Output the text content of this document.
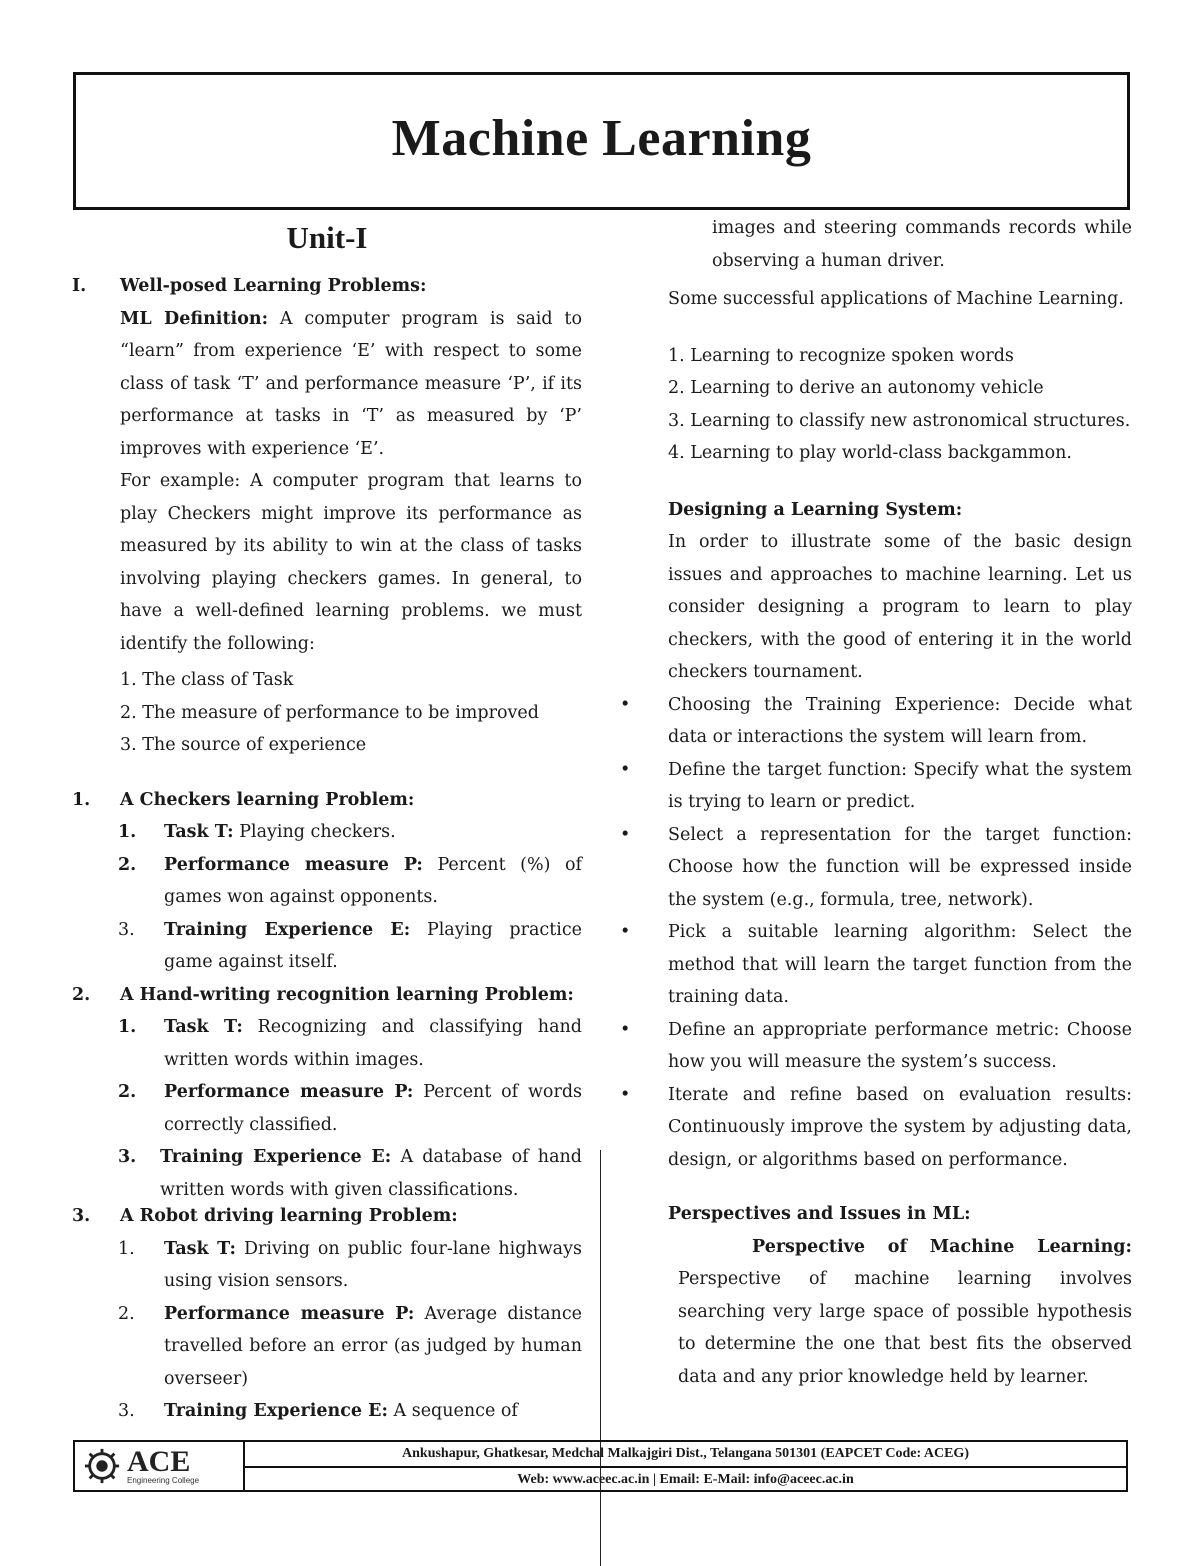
Machine Learning
Unit-I
I. Well-posed Learning Problems:
ML Definition: A computer program is said to “learn” from experience ‘E’ with respect to some class of task ‘T’ and performance measure ‘P’, if its performance at tasks in ‘T’ as measured by ‘P’ improves with experience ‘E’.
For example: A computer program that learns to play Checkers might improve its performance as measured by its ability to win at the class of tasks involving playing checkers games. In general, to have a well-defined learning problems. we must identify the following:
1. The class of Task
2. The measure of performance to be improved
3. The source of experience
1. A Checkers learning Problem:
1. Task T: Playing checkers.
2. Performance measure P: Percent (%) of games won against opponents.
3. Training Experience E: Playing practice game against itself.
2. A Hand-writing recognition learning Problem:
1. Task T: Recognizing and classifying hand written words within images.
2. Performance measure P: Percent of words correctly classified.
3. Training Experience E: A database of hand written words with given classifications.
3. A Robot driving learning Problem:
1. Task T: Driving on public four-lane highways using vision sensors.
2. Performance measure P: Average distance travelled before an error (as judged by human overseer)
3. Training Experience E: A sequence of
images and steering commands records while observing a human driver.
Some successful applications of Machine Learning.
1. Learning to recognize spoken words
2. Learning to derive an autonomy vehicle
3. Learning to classify new astronomical structures.
4. Learning to play world-class backgammon.
Designing a Learning System:
In order to illustrate some of the basic design issues and approaches to machine learning. Let us consider designing a program to learn to play checkers, with the good of entering it in the world checkers tournament.
• Choosing the Training Experience: Decide what data or interactions the system will learn from.
• Define the target function: Specify what the system is trying to learn or predict.
• Select a representation for the target function: Choose how the function will be expressed inside the system (e.g., formula, tree, network).
• Pick a suitable learning algorithm: Select the method that will learn the target function from the training data.
• Define an appropriate performance metric: Choose how you will measure the system’s success.
• Iterate and refine based on evaluation results: Continuously improve the system by adjusting data, design, or algorithms based on performance.
Perspectives and Issues in ML:
Perspective of Machine Learning:
Perspective of machine learning involves searching very large space of possible hypothesis to determine the one that best fits the observed data and any prior knowledge held by learner.
ACE
Engineering College
Ankushapur, Ghatkesar, Medchal Malkajgiri Dist., Telangana 501301 (EAPCET Code: ACEG)
Web: www.aceec.ac.in | Email: E-Mail: info@aceec.ac.in
